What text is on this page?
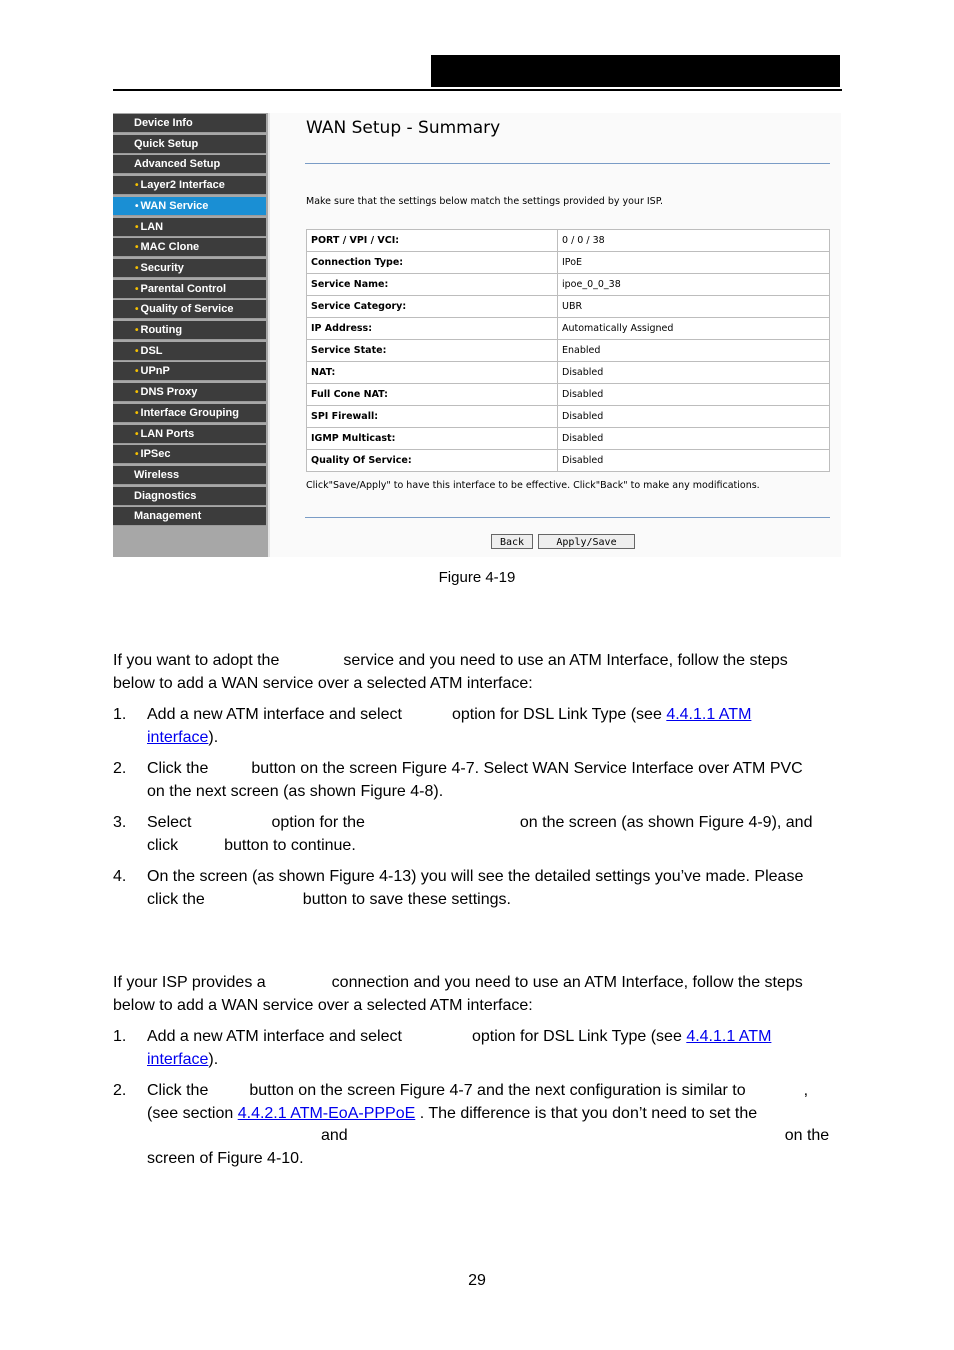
Device Info
Quick Setup
Advanced Setup
• Layer2 Interface
• WAN Service
• LAN
• MAC Clone
• Security
• Parental Control
• Quality of Service
• Routing
• DSL
• UPnP
• DNS Proxy
• Interface Grouping
• LAN Ports
• IPSec
Wireless
Diagnostics
Management
WAN Setup - Summary
Make sure that the settings below match the settings provided by your ISP.
PORT / VPI / VCI:	0 / 0 / 38
Connection Type:	IPoE
Service Name:	ipoe_0_0_38
Service Category:	UBR
IP Address:	Automatically Assigned
Service State:	Enabled
NAT:	Disabled
Full Cone NAT:	Disabled
SPI Firewall:	Disabled
IGMP Multicast:	Disabled
Quality Of Service:	Disabled
Click"Save/Apply" to have this interface to be effective. Click"Back" to make any modifications.
Back	Apply/Save
Figure 4-19
If you want to adopt the	service and you need to use an ATM Interface, follow the steps
below to add a WAN service over a selected ATM interface:
1. Add a new ATM interface and select	option for DSL Link Type (see 4.4.1.1 ATM
interface).
2. Click the	button on the screen Figure 4-7. Select WAN Service Interface over ATM PVC
on the next screen (as shown Figure 4-8).
3. Select	option for the	on the screen (as shown Figure 4-9), and
click	button to continue.
4. On the screen (as shown Figure 4-13) you will see the detailed settings you’ve made. Please
click the	button to save these settings.
If your ISP provides a	connection and you need to use an ATM Interface, follow the steps
below to add a WAN service over a selected ATM interface:
1. Add a new ATM interface and select	option for DSL Link Type (see 4.4.1.1 ATM
interface).
2. Click the	button on the screen Figure 4-7 and the next configuration is similar to	,
(see section 4.4.2.1 ATM-EoA-PPPoE . The difference is that you don’t need to set the
and	on the
screen of Figure 4-10.
29
